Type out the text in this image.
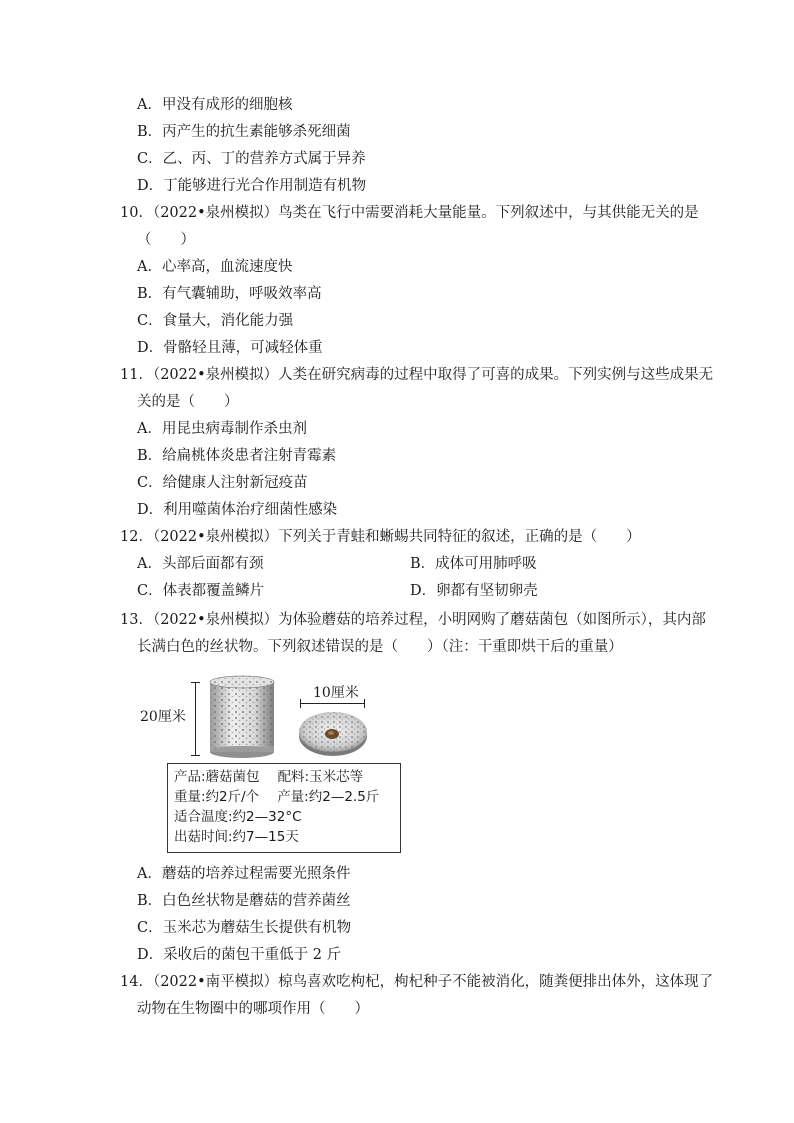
A．甲没有成形的细胞核
B．丙产生的抗生素能够杀死细菌
C．乙、丙、丁的营养方式属于异养
D．丁能够进行光合作用制造有机物
10．（2022•泉州模拟）鸟类在飞行中需要消耗大量能量。下列叙述中，与其供能无关的是
（　　）
A．心率高，血流速度快
B．有气囊辅助，呼吸效率高
C．食量大，消化能力强
D．骨骼轻且薄，可减轻体重
11．（2022•泉州模拟）人类在研究病毒的过程中取得了可喜的成果。下列实例与这些成果无
关的是（　　）
A．用昆虫病毒制作杀虫剂
B．给扁桃体炎患者注射青霉素
C．给健康人注射新冠疫苗
D．利用噬菌体治疗细菌性感染
12．（2022•泉州模拟）下列关于青蛙和蜥蜴共同特征的叙述，正确的是（　　）
A．头部后面都有颈	B．成体可用肺呼吸
C．体表都覆盖鳞片	D．卵都有坚韧卵壳
13．（2022•泉州模拟）为体验蘑菇的培养过程，小明网购了蘑菇菌包（如图所示），其内部
长满白色的丝状物。下列叙述错误的是（　　）（注：干重即烘干后的重量）
20厘米
10厘米
产品:蘑菇菌包 配料:玉米芯等
重量:约2斤/个 产量:约2—2.5斤
适合温度:约2—32°C
出菇时间:约7—15天
A．蘑菇的培养过程需要光照条件
B．白色丝状物是蘑菇的营养菌丝
C．玉米芯为蘑菇生长提供有机物
D．采收后的菌包干重低于 2 斤
14．（2022•南平模拟）椋鸟喜欢吃枸杞，枸杞种子不能被消化，随粪便排出体外，这体现了
动物在生物圈中的哪项作用（　　）
